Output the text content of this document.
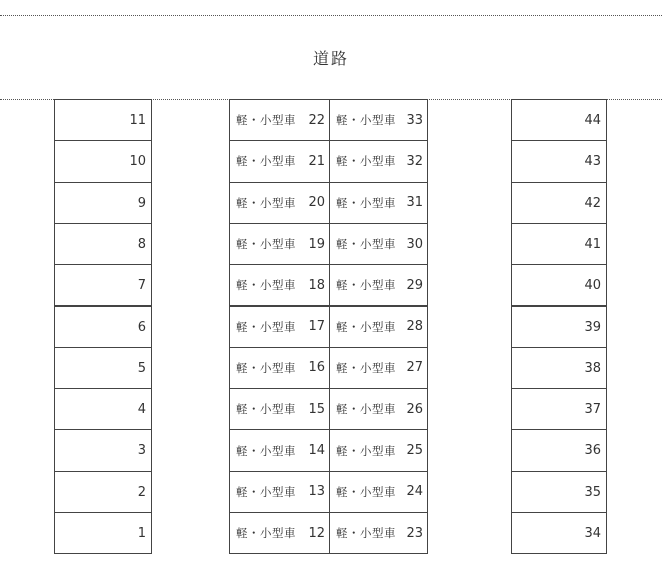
道路
11	軽・小型車 22 軽・小型車 33	44
10	軽・小型車 21 軽・小型車 32	43
9	軽・小型車 20 軽・小型車 31	42
8	軽・小型車 19 軽・小型車 30	41
7	軽・小型車 18 軽・小型車 29	40
6	軽・小型車 17 軽・小型車 28	39
5	軽・小型車 16 軽・小型車 27	38
4	軽・小型車 15 軽・小型車 26	37
3	軽・小型車 14 軽・小型車 25	36
2	軽・小型車 13 軽・小型車 24	35
1	軽・小型車 12 軽・小型車 23	34
